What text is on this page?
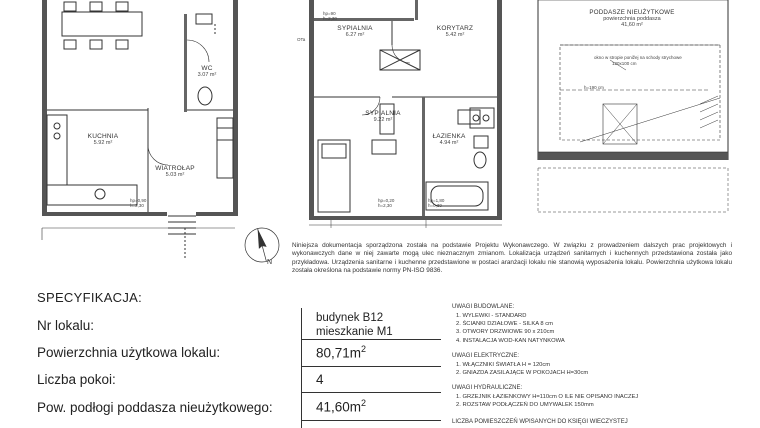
WC
3.07 m²
KUCHNIA
5.92 m²
WIATROŁAP
5.03 m²
SYPIALNIA
6.27 m²
KORYTARZ
5.42 m²
SYPIALNIA
9.22 m²
ŁAZIENKA
4.94 m²
PODDASZE NIEUŻYTKOWE
powierzchnia poddasza
41,60 m²
okno w stropie ponižej na schody strychowe
120x100 cm
h=190 cm
OTa
hp=90
h=2,30
hp=0,90
h=2,30
hp=0,20
h=2,30
hp=1,80
h=0,30
N
Niniejsza dokumentacja sporządzona została na podstawie Projektu Wykonawczego. W związku z prowadzeniem dalszych prac projektowych i wykonawczych dane w niej zawarte mogą ulec nieznacznym zmianom. Lokalizacja urządzeń sanitarnych i kuchennych przedstawiona została jako przykładowa. Urządzenia sanitarne i kuchenne przedstawione w postaci aranżacji lokalu nie stanowią wyposażenia lokalu. Powierzchnia użytkowa lokalu została określona na podstawie normy PN-ISO 9836.
SPECYFIKACJA:
Nr lokalu:	budynek B12
mieszkanie M1
Powierzchnia użytkowa lokalu:	$80,71m^2$
Liczba pokoi:	4
Pow. podłogi poddasza nieużytkowego:	$41,60m^2$
UWAGI BUDOWLANE:
1. WYLEWKI - STANDARD
2. ŚCIANKI DZIAŁOWE - SILKA 8 cm
3. OTWORY DRZWIOWE 90 x 210cm
4. INSTALACJA WOD-KAN NATYNKOWA
UWAGI ELEKTRYCZNE:
1. WŁĄCZNIKI ŚWIATŁA H = 120cm
2. GNIAZDA ZASILAJĄCE W POKOJACH H=30cm
UWAGI HYDRAULICZNE:
1. GRZEJNIK ŁAZIENKOWY H=110cm O ILE NIE OPISANO INACZEJ
2. ROZSTAW PODŁĄCZEŃ DO UMYWALEK 150mm
LICZBA POMIESZCZEŃ WPISANYCH DO KSIĘGI WIECZYSTEJ
